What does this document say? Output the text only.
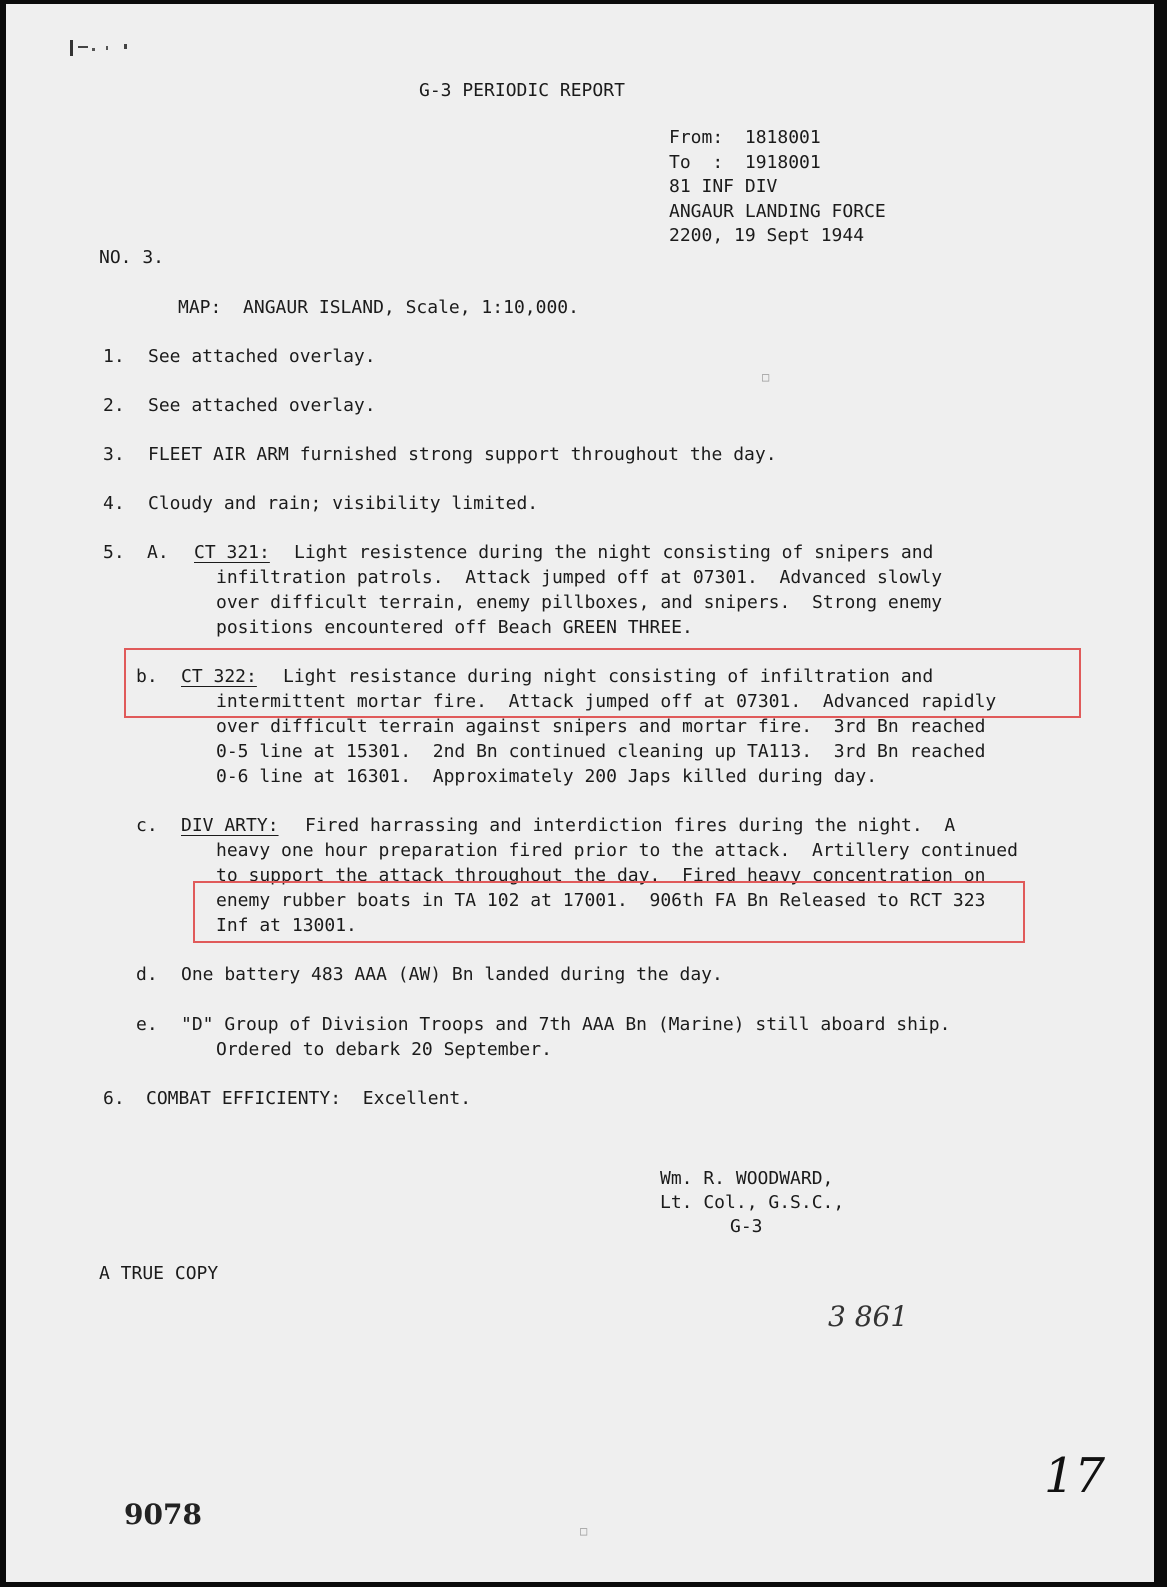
G-3 PERIODIC REPORT
From:  1818001
To  :  1918001
81 INF DIV
ANGAUR LANDING FORCE
2200, 19 Sept 1944
NO. 3.
MAP:  ANGAUR ISLAND, Scale, 1:10,000.
1. See attached overlay.
2. See attached overlay.
3. FLEET AIR ARM furnished strong support throughout the day.
4. Cloudy and rain; visibility limited.
5. A. CT 321: Light resistence during the night consisting of snipers and
infiltration patrols.  Attack jumped off at 07301.  Advanced slowly
over difficult terrain, enemy pillboxes, and snipers.  Strong enemy
positions encountered off Beach GREEN THREE.
b. CT 322: Light resistance during night consisting of infiltration and
intermittent mortar fire.  Attack jumped off at 07301.  Advanced rapidly
over difficult terrain against snipers and mortar fire.  3rd Bn reached
0-5 line at 15301.  2nd Bn continued cleaning up TA113.  3rd Bn reached
0-6 line at 16301.  Approximately 200 Japs killed during day.
c. DIV ARTY: Fired harrassing and interdiction fires during the night.  A
heavy one hour preparation fired prior to the attack.  Artillery continued
to support the attack throughout the day.  Fired heavy concentration on
enemy rubber boats in TA 102 at 17001.  906th FA Bn Released to RCT 323
Inf at 13001.
d. One battery 483 AAA (AW) Bn landed during the day.
e. "D" Group of Division Troops and 7th AAA Bn (Marine) still aboard ship.
Ordered to debark 20 September.
6. COMBAT EFFICIENTY:  Excellent.
Wm. R. WOODWARD,
Lt. Col., G.S.C.,
G-3
A TRUE COPY
3 861
17
9078
□
□
